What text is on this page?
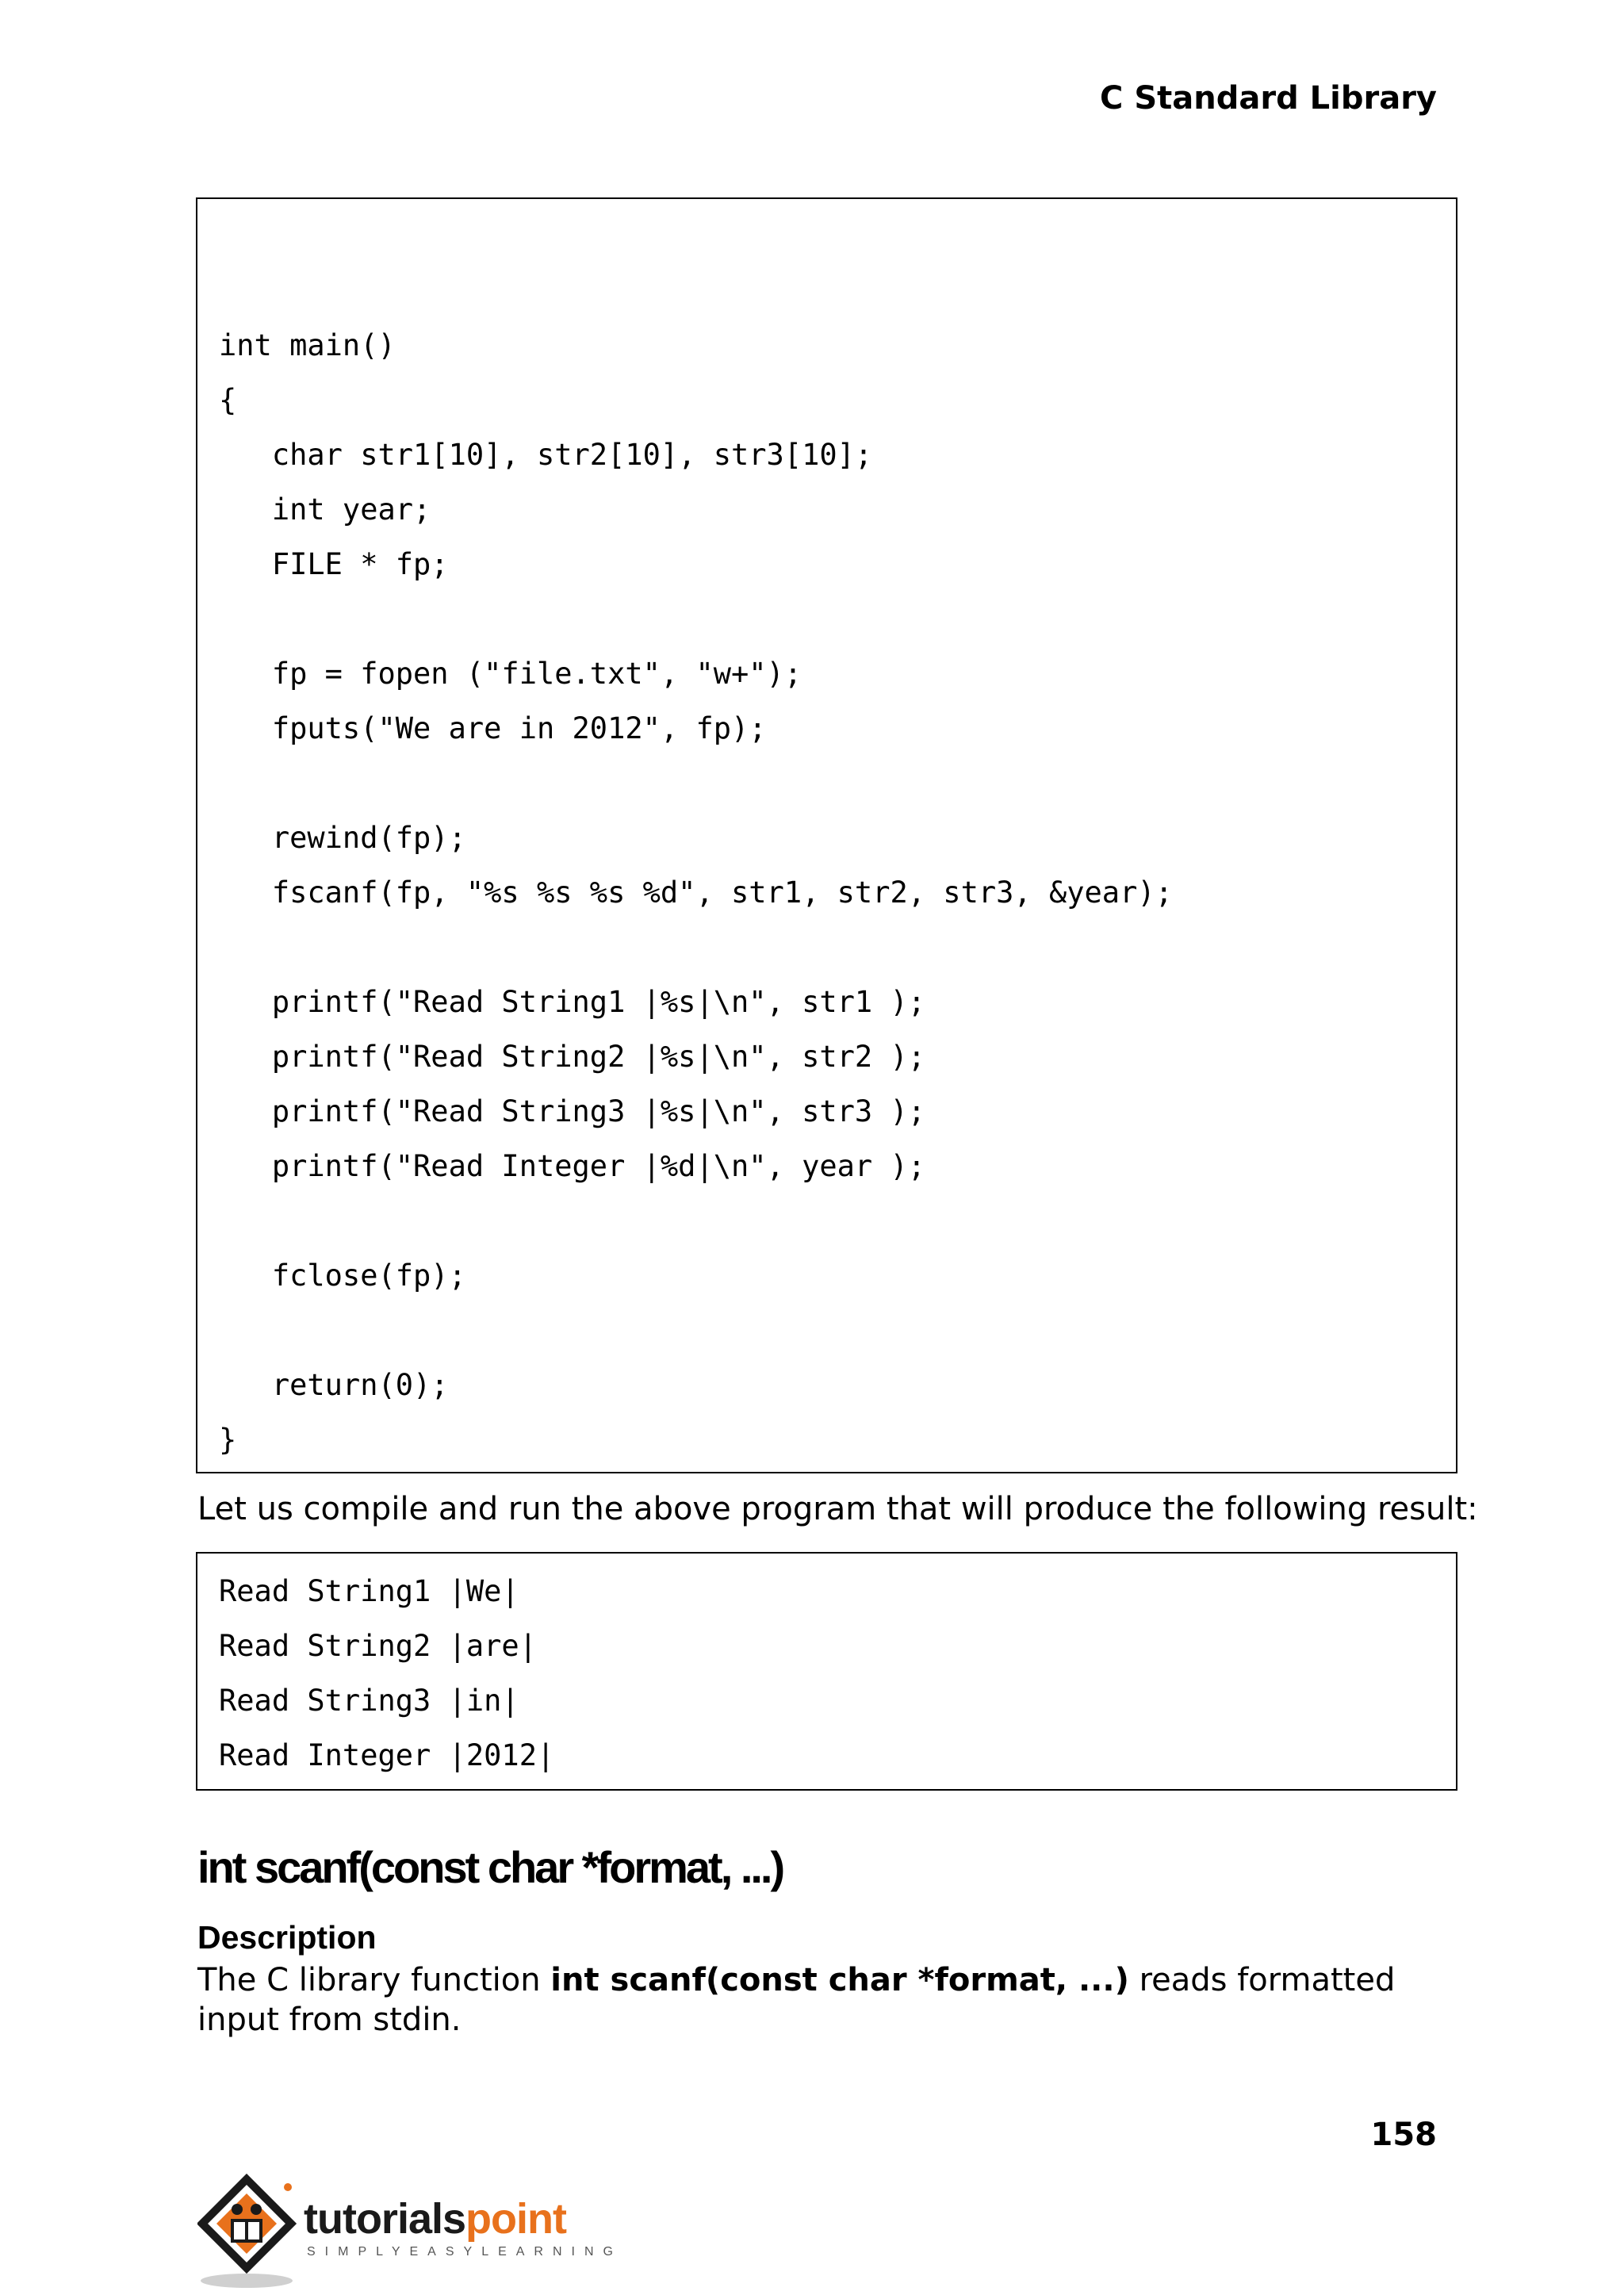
C Standard Library
int main()
{
char str1[10], str2[10], str3[10];
int year;
FILE * fp;

fp = fopen ("file.txt", "w+");
fputs("We are in 2012", fp);

rewind(fp);
fscanf(fp, "%s %s %s %d", str1, str2, str3, &year);

printf("Read String1 |%s|\n", str1 );
printf("Read String2 |%s|\n", str2 );
printf("Read String3 |%s|\n", str3 );
printf("Read Integer |%d|\n", year );

fclose(fp);

return(0);
}

Let us compile and run the above program that will produce the following result:

Read String1 |We|
Read String2 |are|
Read String3 |in|
Read Integer |2012|
int scanf(const char *format, ...)
Description

The C library function int scanf(const char *format, ...) reads formatted input from stdin.

158
tutorialspoint
SIMPLYEASYLEARNING
